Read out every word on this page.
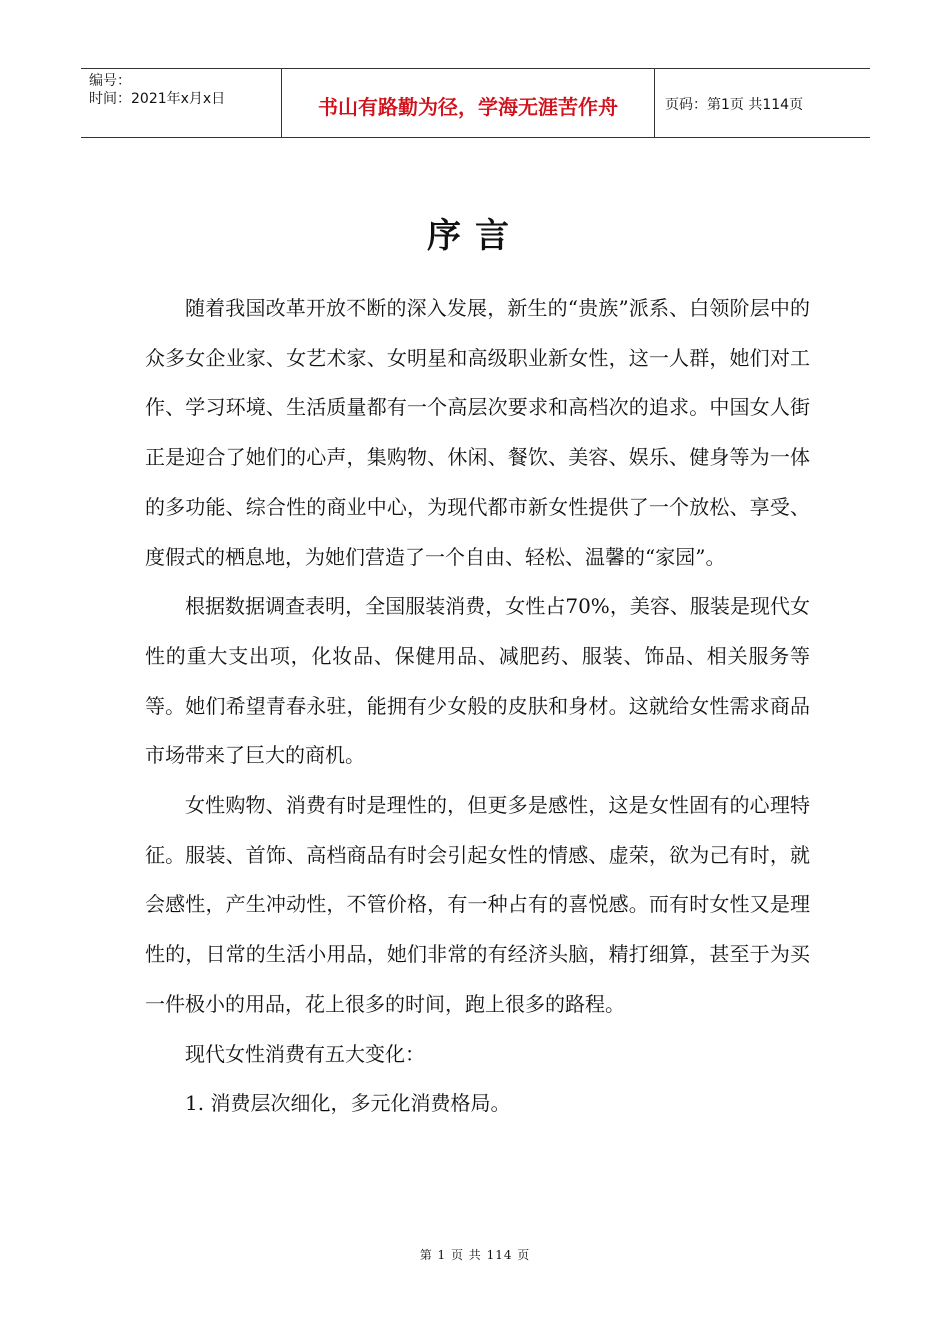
编号：
时间：2021年x月x日	书山有路勤为径，学海无涯苦作舟	页码：第1页 共114页
序言

随着我国改革开放不断的深入发展，新生的“贵族”派系、白领阶层中的众多女企业家、女艺术家、女明星和高级职业新女性，这一人群，她们对工作、学习环境、生活质量都有一个高层次要求和高档次的追求。中国女人街正是迎合了她们的心声，集购物、休闲、餐饮、美容、娱乐、健身等为一体的多功能、综合性的商业中心，为现代都市新女性提供了一个放松、享受、度假式的栖息地，为她们营造了一个自由、轻松、温馨的“家园”。

根据数据调查表明，全国服装消费，女性占70%，美容、服装是现代女性的重大支出项，化妆品、保健用品、减肥药、服装、饰品、相关服务等等。她们希望青春永驻，能拥有少女般的皮肤和身材。这就给女性需求商品市场带来了巨大的商机。

女性购物、消费有时是理性的，但更多是感性，这是女性固有的心理特征。服装、首饰、高档商品有时会引起女性的情感、虚荣，欲为己有时，就会感性，产生冲动性，不管价格，有一种占有的喜悦感。而有时女性又是理性的，日常的生活小用品，她们非常的有经济头脑，精打细算，甚至于为买一件极小的用品，花上很多的时间，跑上很多的路程。

现代女性消费有五大变化：

1. 消费层次细化，多元化消费格局。

第 1 页 共 114 页
